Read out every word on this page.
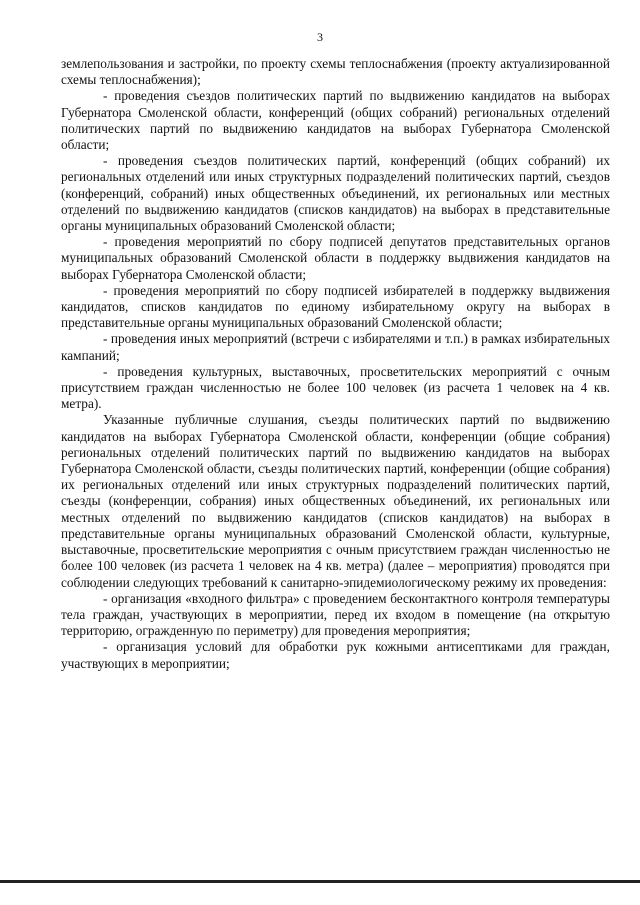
3

землепользования и застройки, по проекту схемы теплоснабжения (проекту актуализированной схемы теплоснабжения);

- проведения съездов политических партий по выдвижению кандидатов на выборах Губернатора Смоленской области, конференций (общих собраний) региональных отделений политических партий по выдвижению кандидатов на выборах Губернатора Смоленской области;

- проведения съездов политических партий, конференций (общих собраний) их региональных отделений или иных структурных подразделений политических партий, съездов (конференций, собраний) иных общественных объединений, их региональных или местных отделений по выдвижению кандидатов (списков кандидатов) на выборах в представительные органы муниципальных образований Смоленской области;

- проведения мероприятий по сбору подписей депутатов представительных органов муниципальных образований Смоленской области в поддержку выдвижения кандидатов на выборах Губернатора Смоленской области;

- проведения мероприятий по сбору подписей избирателей в поддержку выдвижения кандидатов, списков кандидатов по единому избирательному округу на выборах в представительные органы муниципальных образований Смоленской области;

- проведения иных мероприятий (встречи с избирателями и т.п.) в рамках избирательных кампаний;

- проведения культурных, выставочных, просветительских мероприятий с очным присутствием граждан численностью не более 100 человек (из расчета 1 человек на 4 кв. метра).

Указанные публичные слушания, съезды политических партий по выдвижению кандидатов на выборах Губернатора Смоленской области, конференции (общие собрания) региональных отделений политических партий по выдвижению кандидатов на выборах Губернатора Смоленской области, съезды политических партий, конференции (общие собрания) их региональных отделений или иных структурных подразделений политических партий, съезды (конференции, собрания) иных общественных объединений, их региональных или местных отделений по выдвижению кандидатов (списков кандидатов) на выборах в представительные органы муниципальных образований Смоленской области, культурные, выставочные, просветительские мероприятия с очным присутствием граждан численностью не более 100 человек (из расчета 1 человек на 4 кв. метра) (далее – мероприятия) проводятся при соблюдении следующих требований к санитарно-эпидемиологическому режиму их проведения:

- организация «входного фильтра» с проведением бесконтактного контроля температуры тела граждан, участвующих в мероприятии, перед их входом в помещение (на открытую территорию, огражденную по периметру) для проведения мероприятия;

- организация условий для обработки рук кожными антисептиками для граждан, участвующих в мероприятии;
